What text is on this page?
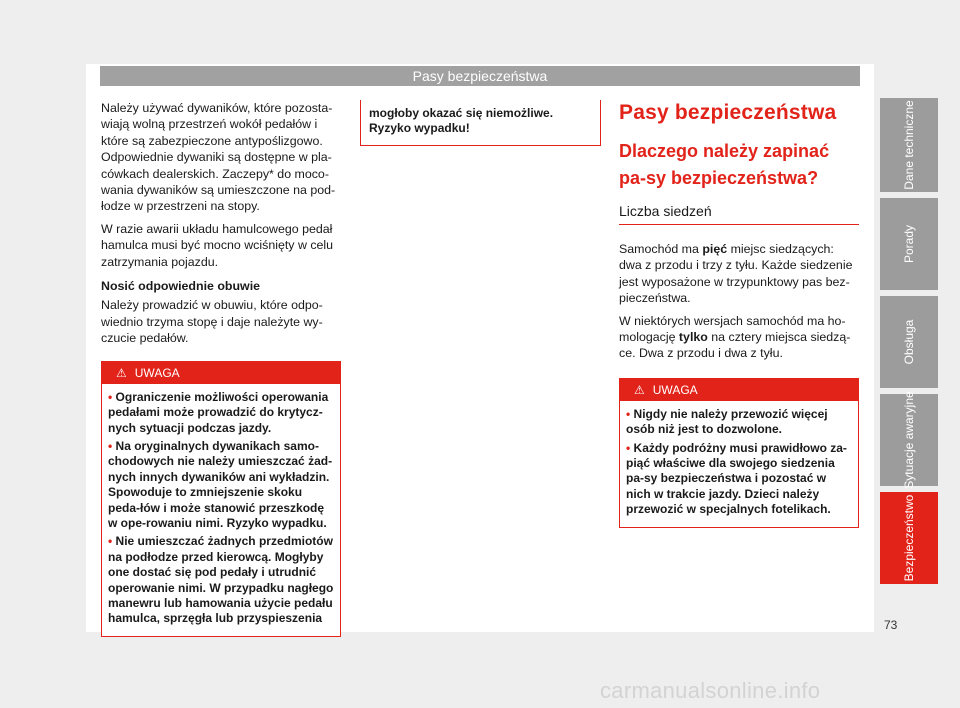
Pasy bezpieczeństwa

Należy używać dywaników, które pozosta-wiają wolną przestrzeń wokół pedałów i które są zabezpieczone antypoślizgowo. Odpowiednie dywaniki są dostępne w pla-cówkach dealerskich. Zaczepy* do moco-wania dywaników są umieszczone na pod-łodze w przestrzeni na stopy.

W razie awarii układu hamulcowego pedał hamulca musi być mocno wciśnięty w celu zatrzymania pojazdu.

Nosić odpowiednie obuwie

Należy prowadzić w obuwiu, które odpo-wiednio trzyma stopę i daje należyte wy-czucie pedałów.

⚠ UWAGA
• Ograniczenie możliwości operowania pedałami może prowadzić do krytycz-nych sytuacji podczas jazdy.
• Na oryginalnych dywanikach samo-chodowych nie należy umieszczać żad-nych innych dywaników ani wykładzin. Spowoduje to zmniejszenie skoku peda-łów i może stanowić przeszkodę w ope-rowaniu nimi. Ryzyko wypadku.
• Nie umieszczać żadnych przedmiotów na podłodze przed kierowcą. Mogłyby one dostać się pod pedały i utrudnić operowanie nimi. W przypadku nagłego manewru lub hamowania użycie pedału hamulca, sprzęgła lub przyspieszenia
mogłoby okazać się niemożliwe. Ryzyko wypadku!
Pasy bezpieczeństwa
Dlaczego należy zapinać pa-sy bezpieczeństwa?
Liczba siedzeń

Samochód ma pięć miejsc siedzących: dwa z przodu i trzy z tyłu. Każde siedzenie jest wyposażone w trzypunktowy pas bez-pieczeństwa.

W niektórych wersjach samochód ma ho-mologację tylko na cztery miejsca siedzą-ce. Dwa z przodu i dwa z tyłu.

⚠ UWAGA
• Nigdy nie należy przewozić więcej osób niż jest to dozwolone.
• Każdy podróżny musi prawidłowo za-piąć właściwe dla swojego siedzenia pa-sy bezpieczeństwa i pozostać w nich w trakcie jazdy. Dzieci należy przewozić w specjalnych fotelikach.
Dane techniczne
Porady
Obsługa
Sytuacje awaryjne
Bezpieczeństwo
73
carmanualsonline.info
